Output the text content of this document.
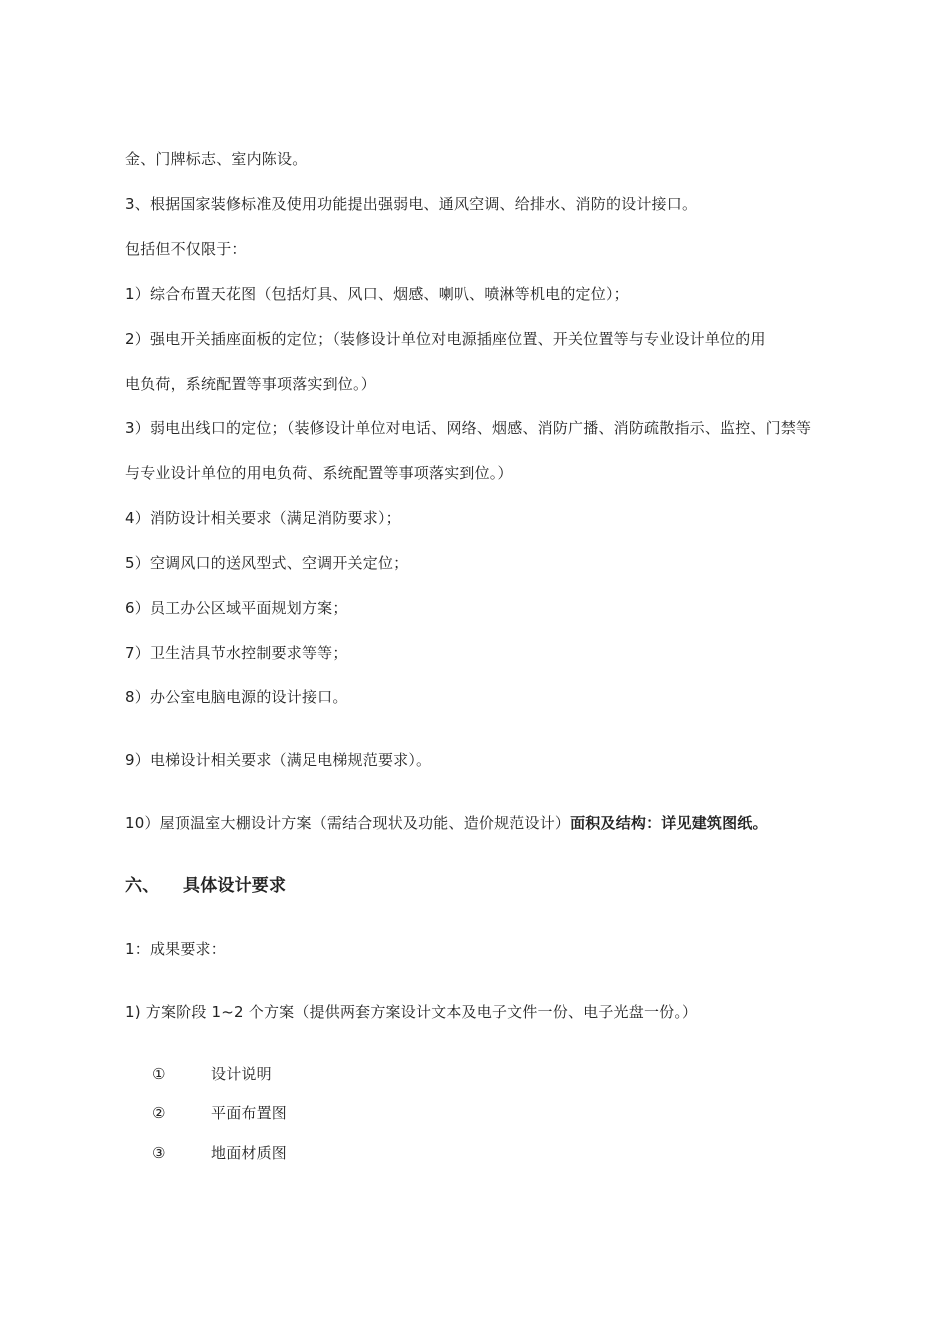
金、门牌标志、室内陈设。
3、根据国家装修标准及使用功能提出强弱电、通风空调、给排水、消防的设计接口。
包括但不仅限于：
1）综合布置天花图（包括灯具、风口、烟感、喇叭、喷淋等机电的定位）；
2）强电开关插座面板的定位；（装修设计单位对电源插座位置、开关位置等与专业设计单位的用
电负荷，系统配置等事项落实到位。）
3）弱电出线口的定位；（装修设计单位对电话、网络、烟感、消防广播、消防疏散指示、监控、门禁等
与专业设计单位的用电负荷、系统配置等事项落实到位。）
4）消防设计相关要求（满足消防要求）；
5）空调风口的送风型式、空调开关定位；
6）员工办公区域平面规划方案；
7）卫生洁具节水控制要求等等；
8）办公室电脑电源的设计接口。
9）电梯设计相关要求（满足电梯规范要求）。
10）屋顶温室大棚设计方案（需结合现状及功能、造价规范设计）面积及结构：详见建筑图纸。
六、 具体设计要求
1：成果要求：
1) 方案阶段 1~2 个方案（提供两套方案设计文本及电子文件一份、电子光盘一份。）
①	设计说明
②	平面布置图
③	地面材质图
